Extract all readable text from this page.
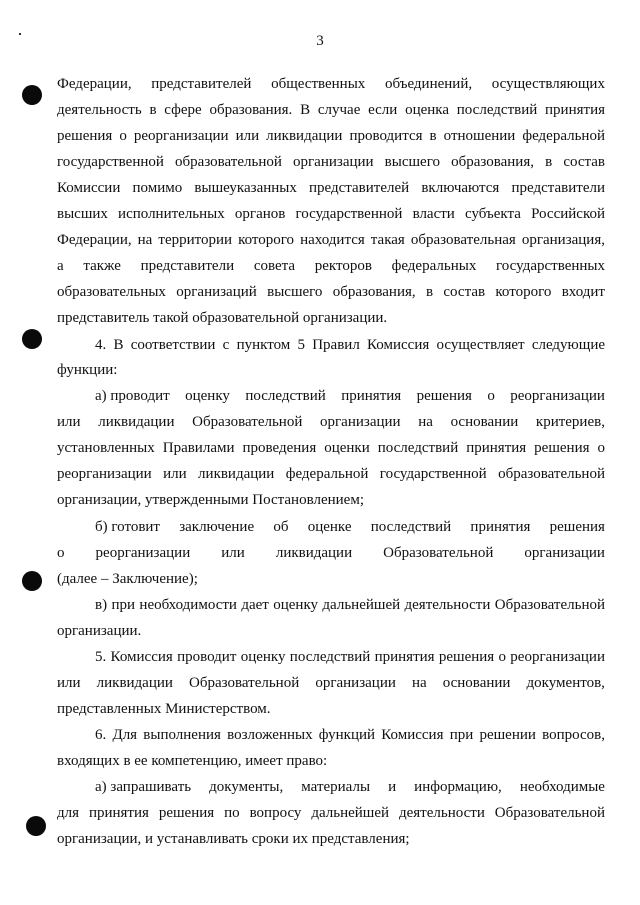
3
Федерации, представителей общественных объединений, осуществляющих
деятельность в сфере образования. В случае если оценка последствий принятия
решения о реорганизации или ликвидации проводится в отношении федеральной
государственной образовательной организации высшего образования, в состав
Комиссии помимо вышеуказанных представителей включаются представители
высших исполнительных органов государственной власти субъекта Российской
Федерации, на территории которого находится такая образовательная организация,
а также представители совета ректоров федеральных государственных
образовательных организаций высшего образования, в состав которого входит
представитель такой образовательной организации.
4. В соответствии с пунктом 5 Правил Комиссия осуществляет следующие
функции:
а) проводит оценку последствий принятия решения о реорганизации
или ликвидации Образовательной организации на основании критериев,
установленных Правилами проведения оценки последствий принятия решения о
реорганизации или ликвидации федеральной государственной образовательной
организации, утвержденными Постановлением;
б) готовит заключение об оценке последствий принятия решения
о реорганизации или ликвидации Образовательной организации
(далее – Заключение);
в) при необходимости дает оценку дальнейшей деятельности Образовательной
организации.
5. Комиссия проводит оценку последствий принятия решения о реорганизации
или ликвидации Образовательной организации на основании документов,
представленных Министерством.
6. Для выполнения возложенных функций Комиссия при решении вопросов,
входящих в ее компетенцию, имеет право:
а) запрашивать документы, материалы и информацию, необходимые
для принятия решения по вопросу дальнейшей деятельности Образовательной
организации, и устанавливать сроки их представления;
